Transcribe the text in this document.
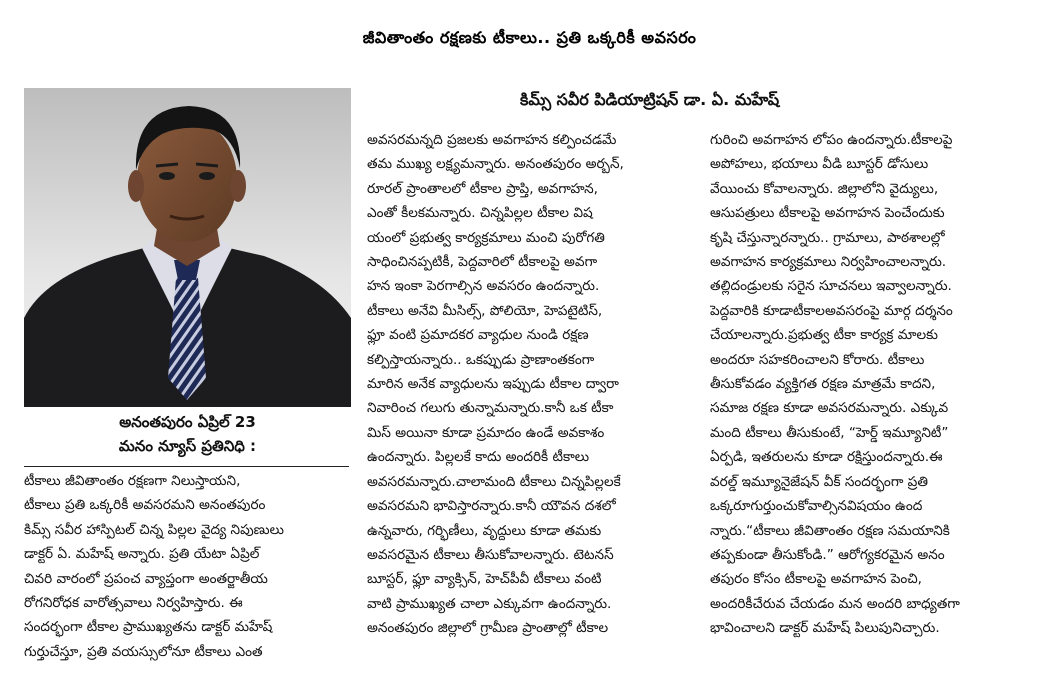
జీవితాంతం రక్షణకు టీకాలు.. ప్రతి ఒక్కరికీ అవసరం
కిమ్స్ సవీర పిడియాట్రిషన్ డా. ఏ. మహేష్
అనంతపురం ఏప్రిల్ 23
మనం న్యూస్ ప్రతినిధి :
టీకాలు జీవితాంతం రక్షణగా నిలుస్తాయని,
టీకాలు ప్రతి ఒక్కరికీ అవసరమని అనంతపురం
కిమ్స్ సవీర హాస్పిటల్ చిన్న పిల్లల వైద్య నిపుణులు
డాక్టర్ ఏ. మహేష్ అన్నారు. ప్రతి యేటా ఏప్రిల్
చివరి వారంలో ప్రపంచ వ్యాప్తంగా అంతర్జాతీయ
రోగనిరోధక వారోత్సవాలు నిర్వహిస్తారు. ఈ
సందర్భంగా టీకాల ప్రాముఖ్యతను డాక్టర్ మహేష్
గుర్తుచేస్తూ, ప్రతి వయస్సులోనూ టీకాలు ఎంత
అవసరమన్నది ప్రజలకు అవగాహన కల్పించడమే
తమ ముఖ్య లక్ష్యమన్నారు. అనంతపురం అర్బన్,
రూరల్ ప్రాంతాలలో టీకాల ప్రాప్తి, అవగాహన,
ఎంతో కీలకమన్నారు. చిన్నపిల్లల టీకాల విష
యంలో ప్రభుత్వ కార్యక్రమాలు మంచి పురోగతి
సాధించినప్పటికీ, పెద్దవారిలో టీకాలపై అవగా
హన ఇంకా పెరగాల్సిన అవసరం ఉందన్నారు.
టీకాలు అనేవి మీసిల్స్, పోలియో, హెపటైటిస్,
ఫ్లూ వంటి ప్రమాదకర వ్యాధుల నుండి రక్షణ
కల్పిస్తాయన్నారు.. ఒకప్పుడు ప్రాణాంతకంగా
మారిన అనేక వ్యాధులను ఇప్పుడు టీకాల ద్వారా
నివారించ గలుగు తున్నామన్నారు.కానీ ఒక టీకా
మిస్ అయినా కూడా ప్రమాదం ఉండే అవకాశం
ఉందన్నారు. పిల్లలకే కాదు అందరికీ టీకాలు
అవసరమన్నారు.చాలామంది టీకాలు చిన్నపిల్లలకే
అవసరమని భావిస్తారన్నారు.కానీ యౌవన దశలో
ఉన్నవారు, గర్భిణీలు, వృద్దులు కూడా తమకు
అవసరమైన టీకాలు తీసుకోవాలన్నారు. టెటనస్
బూస్టర్, ఫ్లూ వ్యాక్సిన్, హెచ్‌పీవీ టీకాలు వంటి
వాటి ప్రాముఖ్యత చాలా ఎక్కువగా ఉందన్నారు.
అనంతపురం జిల్లాలో గ్రామీణ ప్రాంతాల్లో టీకాల
గురించి అవగాహన లోపం ఉందన్నారు.టీకాలపై
అపోహలు, భయాలు వీడి బూస్టర్ డోసులు
వేయించు కోవాలన్నారు. జిల్లాలోని వైద్యులు,
ఆసుపత్రులు టీకాలపై అవగాహన పెంచేందుకు
కృషి చేస్తున్నారన్నారు.. గ్రామాలు, పాఠశాలల్లో
అవగాహన కార్యక్రమాలు నిర్వహించాలన్నారు.
తల్లిదండ్రులకు సరైన సూచనలు ఇవ్వాలన్నారు.
పెద్దవారికి కూడాటీకాలఅవసరంపై మార్గ దర్శనం
చేయాలన్నారు.ప్రభుత్వ టీకా కార్యక్ర మాలకు
అందరూ సహకరించాలని కోరారు. టీకాలు
తీసుకోవడం వ్యక్తిగత రక్షణ మాత్రమే కాదని,
సమాజ రక్షణ కూడా అవసరమన్నారు. ఎక్కువ
మంది టీకాలు తీసుకుంటే, “హెర్డ్ ఇమ్యూనిటీ”
ఏర్పడి, ఇతరులను కూడా రక్షిస్తుందన్నారు.ఈ
వరల్డ్ ఇమ్యూనైజేషన్ వీక్ సందర్భంగా ప్రతి
ఒక్కరూగుర్తుంచుకోవాల్సినవిషయం ఉంద
న్నారు.“టీకాలు జీవితాంతం రక్షణ సమయానికి
తప్పకుండా తీసుకోండి.” ఆరోగ్యకరమైన అనం
తపురం కోసం టీకాలపై అవగాహన పెంచి,
అందరికీచేరువ చేయడం మన అందరి బాధ్యతగా
భావించాలని డాక్టర్ మహేష్ పిలుపునిచ్చారు.
